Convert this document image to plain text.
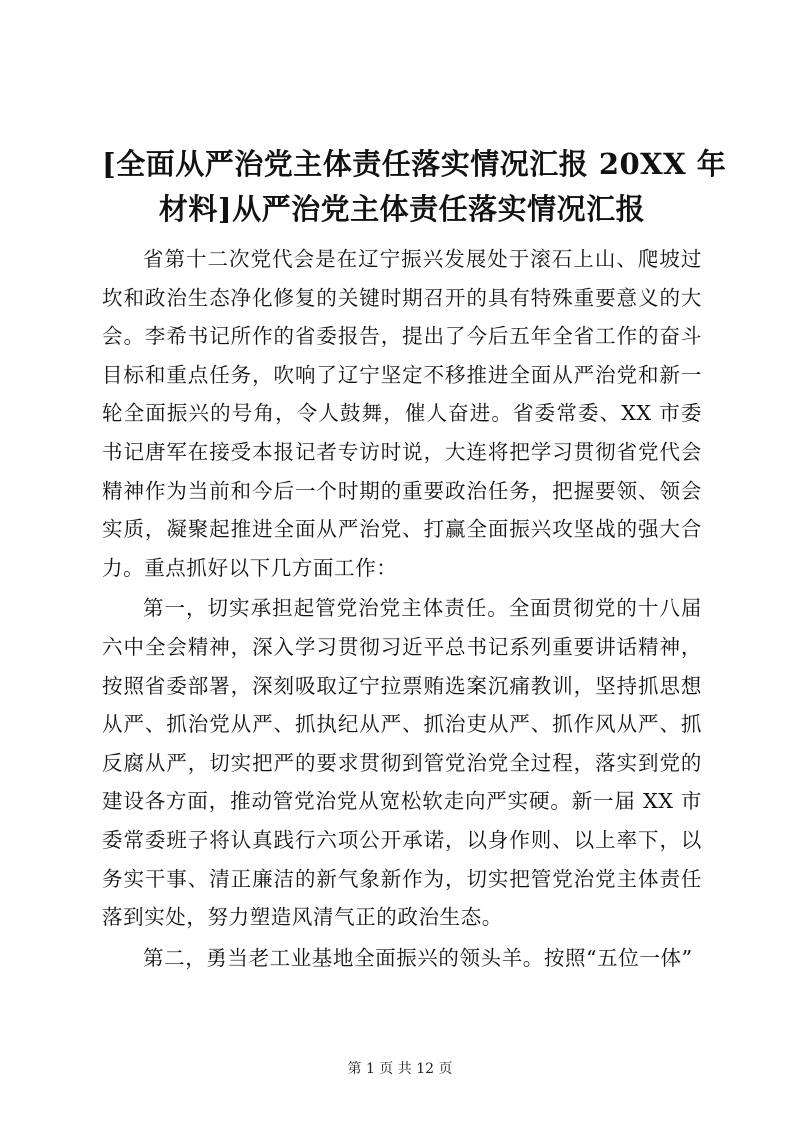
[全面从严治党主体责任落实情况汇报 20XX 年
材料]从严治党主体责任落实情况汇报

省第十二次党代会是在辽宁振兴发展处于滚石上山、爬坡过坎和政治生态净化修复的关键时期召开的具有特殊重要意义的大会。李希书记所作的省委报告，提出了今后五年全省工作的奋斗目标和重点任务，吹响了辽宁坚定不移推进全面从严治党和新一轮全面振兴的号角，令人鼓舞，催人奋进。省委常委、XX 市委书记唐军在接受本报记者专访时说，大连将把学习贯彻省党代会精神作为当前和今后一个时期的重要政治任务，把握要领、领会实质，凝聚起推进全面从严治党、打赢全面振兴攻坚战的强大合力。重点抓好以下几方面工作：

第一，切实承担起管党治党主体责任。全面贯彻党的十八届六中全会精神，深入学习贯彻习近平总书记系列重要讲话精神，按照省委部署，深刻吸取辽宁拉票贿选案沉痛教训，坚持抓思想从严、抓治党从严、抓执纪从严、抓治吏从严、抓作风从严、抓反腐从严，切实把严的要求贯彻到管党治党全过程，落实到党的建设各方面，推动管党治党从宽松软走向严实硬。新一届 XX 市委常委班子将认真践行六项公开承诺，以身作则、以上率下，以务实干事、清正廉洁的新气象新作为，切实把管党治党主体责任落到实处，努力塑造风清气正的政治生态。

第二，勇当老工业基地全面振兴的领头羊。按照“五位一体”

第 1 页 共 12 页
